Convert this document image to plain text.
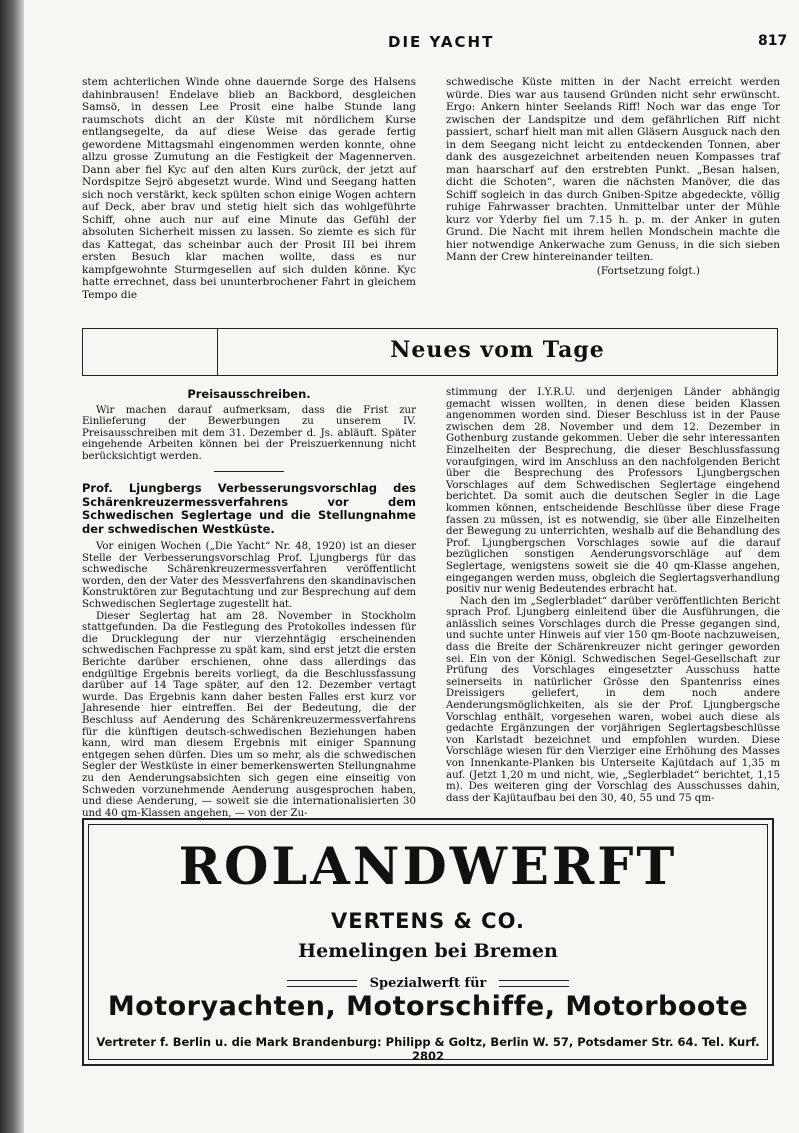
DIE YACHT	817

stem achterlichen Winde ohne dauernde Sorge des Halsens dahinbrausen! Endelave blieb an Backbord, desgleichen Samsö, in dessen Lee Prosit eine halbe Stunde lang raumschots dicht an der Küste mit nördlichem Kurse entlangsegelte, da auf diese Weise das gerade fertig gewordene Mittagsmahl eingenommen werden konnte, ohne allzu grosse Zumutung an die Festigkeit der Magennerven. Dann aber fiel Kyc auf den alten Kurs zurück, der jetzt auf Nordspitze Sejrö abgesetzt wurde. Wind und Seegang hatten sich noch verstärkt, keck spülten schon einige Wogen achtern auf Deck, aber brav und stetig hielt sich das wohlgeführte Schiff, ohne auch nur auf eine Minute das Gefühl der absoluten Sicherheit missen zu lassen. So ziemte es sich für das Kattegat, das scheinbar auch der Prosit III bei ihrem ersten Besuch klar machen wollte, dass es nur kampfgewohnte Sturmgesellen auf sich dulden könne. Kyc hatte errechnet, dass bei ununterbrochener Fahrt in gleichem Tempo die

schwedische Küste mitten in der Nacht erreicht werden würde. Dies war aus tausend Gründen nicht sehr erwünscht. Ergo: Ankern hinter Seelands Riff! Noch war das enge Tor zwischen der Landspitze und dem gefährlichen Riff nicht passiert, scharf hielt man mit allen Gläsern Ausguck nach den in dem Seegang nicht leicht zu entdeckenden Tonnen, aber dank des ausgezeichnet arbeitenden neuen Kompasses traf man haarscharf auf den erstrebten Punkt. „Besan halsen, dicht die Schoten“, waren die nächsten Manöver, die das Schiff sogleich in das durch Gniben-Spitze abgedeckte, völlig ruhige Fahrwasser brachten. Unmittelbar unter der Mühle kurz vor Yderby fiel um 7.15 h. p. m. der Anker in guten Grund. Die Nacht mit ihrem hellen Mondschein machte die hier notwendige Ankerwache zum Genuss, in die sich sieben Mann der Crew hintereinander teilten.

(Fortsetzung folgt.)

Neues vom Tage

Preisausschreiben.

Wir machen darauf aufmerksam, dass die Frist zur Einlieferung der Bewerbungen zu unserem IV. Preisausschreiben mit dem 31. Dezember d. Js. abläuft. Später eingehende Arbeiten können bei der Preiszuerkennung nicht berücksichtigt werden.

Prof. Ljungbergs Verbesserungsvorschlag des Schärenkreuzermessverfahrens vor dem Schwedischen Seglertage und die Stellungnahme der schwedischen Westküste.

Vor einigen Wochen („Die Yacht“ Nr. 48, 1920) ist an dieser Stelle der Verbesserungsvorschlag Prof. Ljungbergs für das schwedische Schärenkreuzermessverfahren veröffentlicht worden, den der Vater des Messverfahrens den skandinavischen Konstruktören zur Begutachtung und zur Besprechung auf dem Schwedischen Seglertage zugestellt hat.

Dieser Seglertag hat am 28. November in Stockholm stattgefunden. Da die Festlegung des Protokolles indessen für die Drucklegung der nur vierzehntägig erscheinenden schwedischen Fachpresse zu spät kam, sind erst jetzt die ersten Berichte darüber erschienen, ohne dass allerdings das endgültige Ergebnis bereits vorliegt, da die Beschlussfassung darüber auf 14 Tage später, auf den 12. Dezember vertagt wurde. Das Ergebnis kann daher besten Falles erst kurz vor Jahresende hier eintreffen. Bei der Bedeutung, die der Beschluss auf Aenderung des Schärenkreuzermessverfahrens für die künftigen deutsch-schwedischen Beziehungen haben kann, wird man diesem Ergebnis mit einiger Spannung entgegen sehen dürfen. Dies um so mehr, als die schwedischen Segler der Westküste in einer bemerkenswerten Stellungnahme zu den Aenderungsabsichten sich gegen eine einseitig von Schweden vorzunehmende Aenderung ausgesprochen haben, und diese Aenderung, — soweit sie die internationalisierten 30 und 40 qm-Klassen angehen, — von der Zu-

stimmung der I.Y.R.U. und derjenigen Länder abhängig gemacht wissen wollten, in denen diese beiden Klassen angenommen worden sind. Dieser Beschluss ist in der Pause zwischen dem 28. November und dem 12. Dezember in Gothenburg zustande gekommen. Ueber die sehr interessanten Einzelheiten der Besprechung, die dieser Beschlussfassung voraufgingen, wird im Anschluss an den nachfolgenden Bericht über die Besprechung des Professors Ljungbergschen Vorschlages auf dem Schwedischen Seglertage eingehend berichtet. Da somit auch die deutschen Segler in die Lage kommen können, entscheidende Beschlüsse über diese Frage fassen zu müssen, ist es notwendig, sie über alle Einzelheiten der Bewegung zu unterrichten, weshalb auf die Behandlung des Prof. Ljungbergschen Vorschlages sowie auf die darauf bezüglichen sonstigen Aenderungsvorschläge auf dem Seglertage, wenigstens soweit sie die 40 qm-Klasse angehen, eingegangen werden muss, obgleich die Seglertagsverhandlung positiv nur wenig Bedeutendes erbracht hat.

Nach den im „Seglerbladet“ darüber veröffentlichten Bericht sprach Prof. Ljungberg einleitend über die Ausführungen, die anlässlich seines Vorschlages durch die Presse gegangen sind, und suchte unter Hinweis auf vier 150 qm-Boote nachzuweisen, dass die Breite der Schärenkreuzer nicht geringer geworden sei. Ein von der Königl. Schwedischen Segel-Gesellschaft zur Prüfung des Vorschlages eingesetzter Ausschuss hatte seinerseits in natürlicher Grösse den Spantenriss eines Dreissigers geliefert, in dem noch andere Aenderungsmöglichkeiten, als sie der Prof. Ljungbergsche Vorschlag enthält, vorgesehen waren, wobei auch diese als gedachte Ergänzungen der vorjährigen Seglertagsbeschlüsse von Karlstadt bezeichnet und empfohlen wurden. Diese Vorschläge wiesen für den Vierziger eine Erhöhung des Masses von Innenkante-Planken bis Unterseite Kajütdach auf 1,35 m auf. (Jetzt 1,20 m und nicht, wie, „Seglerbladet“ berichtet, 1,15 m). Des weiteren ging der Vorschlag des Ausschusses dahin, dass der Kajütaufbau bei den 30, 40, 55 und 75 qm-

ROLANDWERFT
VERTENS & CO.
Hemelingen bei Bremen
Spezialwerft für
Motoryachten, Motorschiffe, Motorboote
Vertreter f. Berlin u. die Mark Brandenburg: Philipp & Goltz, Berlin W. 57, Potsdamer Str. 64. Tel. Kurf. 2802
